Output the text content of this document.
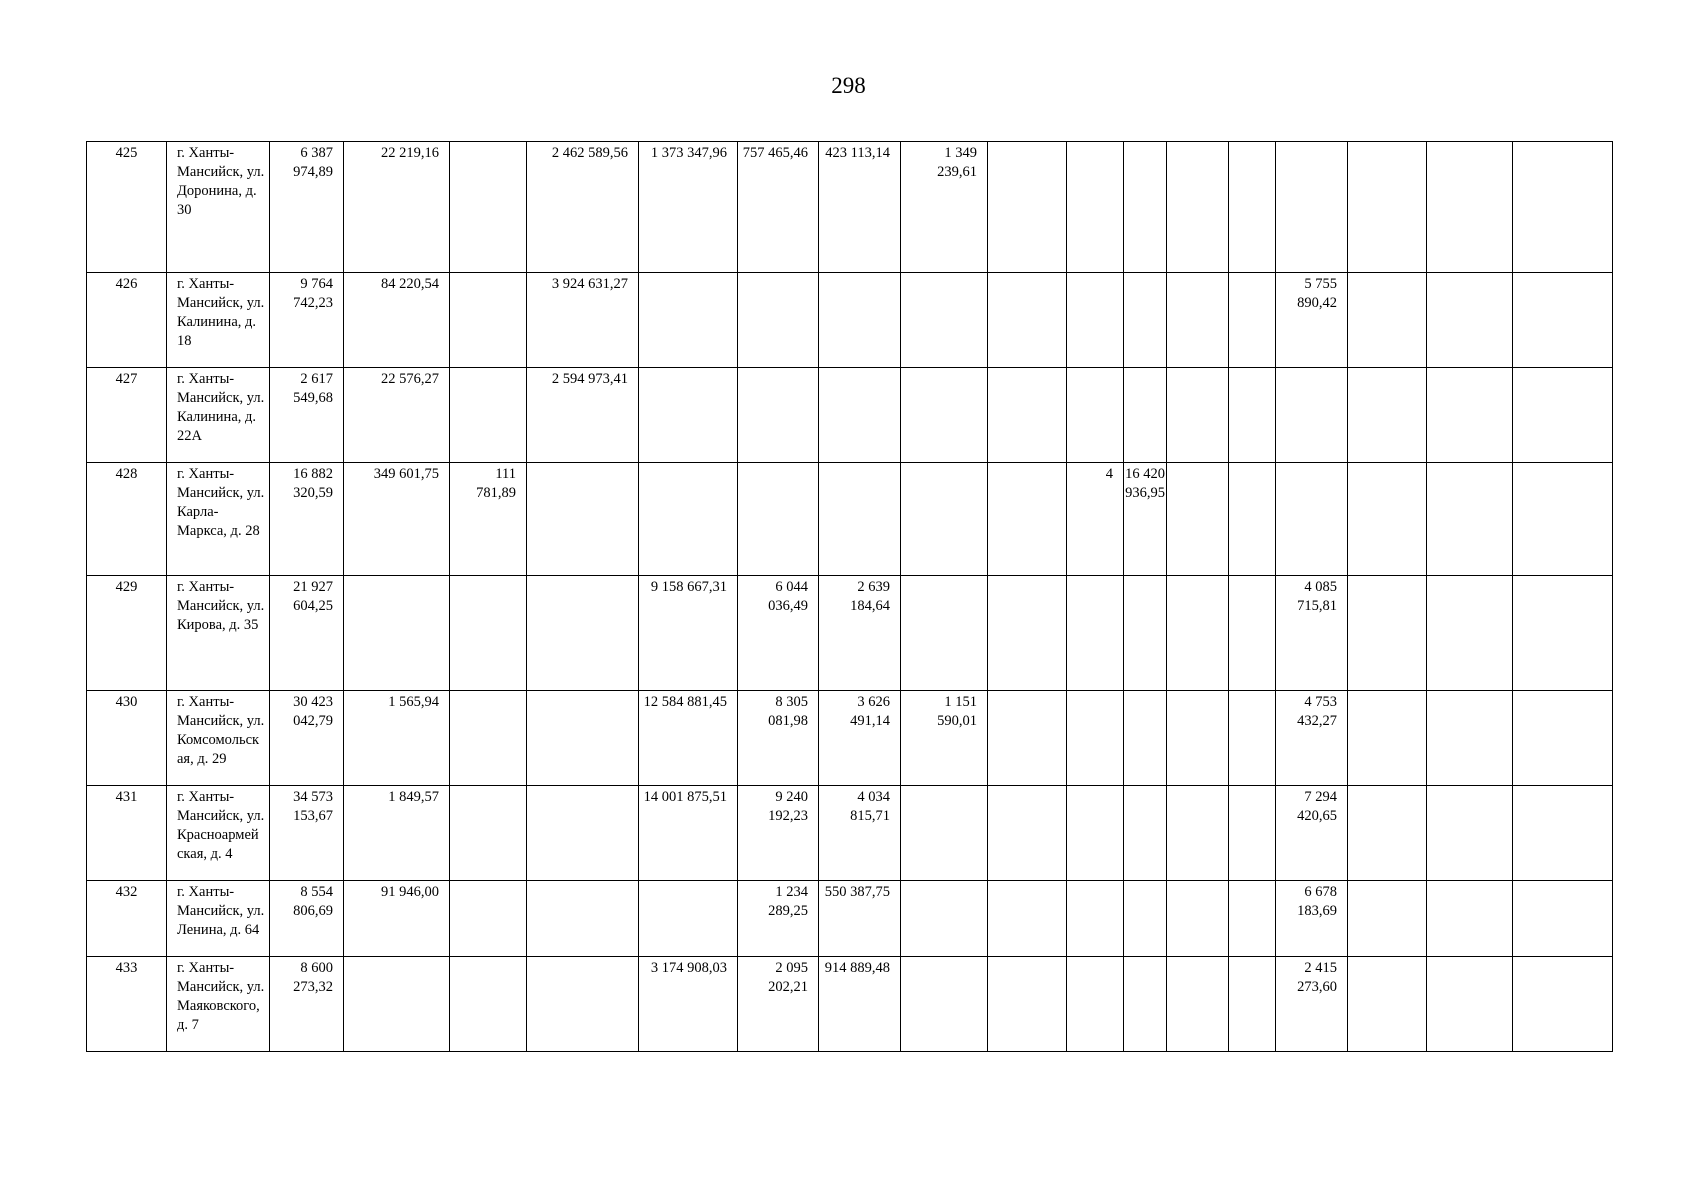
298
425	г. Ханты-Мансийск, ул. Доронина, д. 30	6 387 974,89	22 219,16		2 462 589,56	1 373 347,96	757 465,46	423 113,14	1 349 239,61									
426	г. Ханты-Мансийск, ул. Калинина, д. 18	9 764 742,23	84 220,54		3 924 631,27										5 755 890,42			
427	г. Ханты-Мансийск, ул. Калинина, д. 22А	2 617 549,68	22 576,27		2 594 973,41													
428	г. Ханты-Мансийск, ул. Карла-Маркса, д. 28	16 882 320,59	349 601,75	111 781,89							4	16 420 936,95						
429	г. Ханты-Мансийск, ул. Кирова, д. 35	21 927 604,25				9 158 667,31	6 044 036,49	2 639 184,64							4 085 715,81			
430	г. Ханты-Мансийск, ул. Комсомольская, д. 29	30 423 042,79	1 565,94			12 584 881,45	8 305 081,98	3 626 491,14	1 151 590,01						4 753 432,27			
431	г. Ханты-Мансийск, ул. Красноармейская, д. 4	34 573 153,67	1 849,57			14 001 875,51	9 240 192,23	4 034 815,71							7 294 420,65			
432	г. Ханты-Мансийск, ул. Ленина, д. 64	8 554 806,69	91 946,00				1 234 289,25	550 387,75							6 678 183,69			
433	г. Ханты-Мансийск, ул. Маяковского, д. 7	8 600 273,32				3 174 908,03	2 095 202,21	914 889,48							2 415 273,60			
